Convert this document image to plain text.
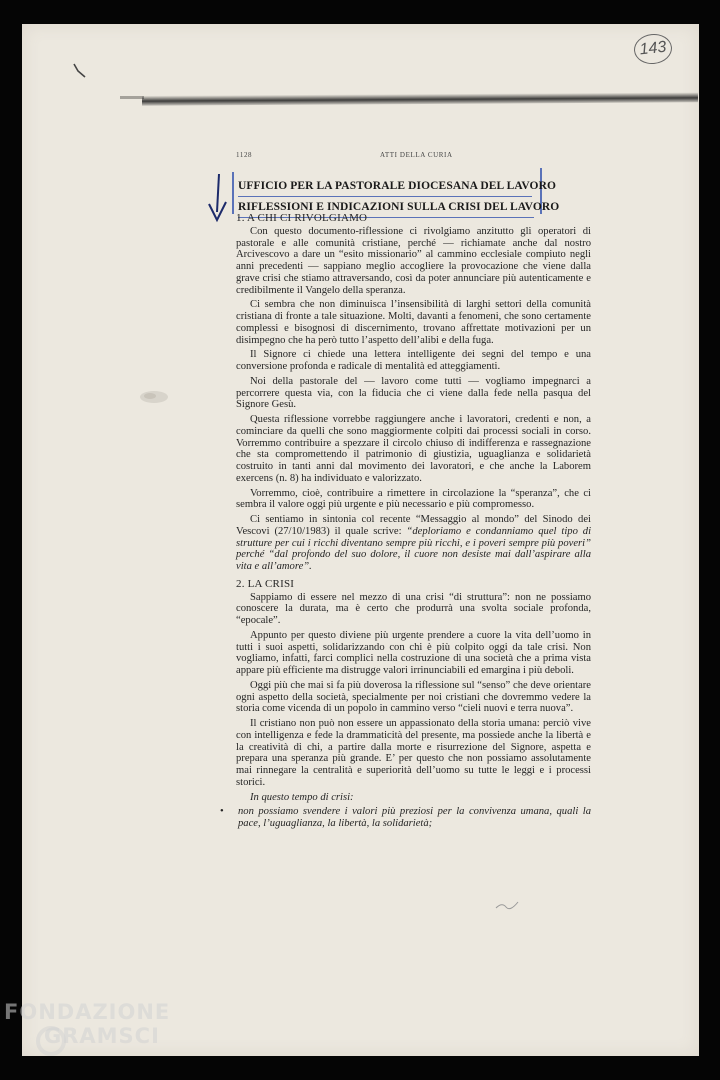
143
1128	ATTI DELLA CURIA
UFFICIO PER LA PASTORALE DIOCESANA DEL LAVORO
RIFLESSIONI E INDICAZIONI SULLA CRISI DEL LAVORO
1. A CHI CI RIVOLGIAMO

Con questo documento-riflessione ci rivolgiamo anzitutto gli operatori di pastorale e alle comunità cristiane, perché — richiamate anche dal nostro Arcivescovo a dare un “esito missionario” al cammino ecclesiale compiuto negli anni precedenti — sappiano meglio accogliere la provocazione che viene dalla grave crisi che stiamo attraversando, così da poter annunciare più autenticamente e credibilmente il Vangelo della speranza.

Ci sembra che non diminuisca l’insensibilità di larghi settori della comunità cristiana di fronte a tale situazione. Molti, davanti a fenomeni, che sono certamente complessi e bisognosi di discernimento, trovano affrettate motivazioni per un disimpegno che ha però tutto l’aspetto dell’alibi e della fuga.

Il Signore ci chiede una lettera intelligente dei segni del tempo e una conversione profonda e radicale di mentalità ed atteggiamenti.

Noi della pastorale del — lavoro come tutti — vogliamo impegnarci a percorrere questa via, con la fiducia che ci viene dalla fede nella pasqua del Signore Gesù.

Questa riflessione vorrebbe raggiungere anche i lavoratori, credenti e non, a cominciare da quelli che sono maggiormente colpiti dai processi sociali in corso. Vorremmo contribuire a spezzare il circolo chiuso di indifferenza e rassegnazione che sta compromettendo il patrimonio di giustizia, uguaglianza e solidarietà costruito in tanti anni dal movimento dei lavoratori, e che anche la Laborem exercens (n. 8) ha individuato e valorizzato.

Vorremmo, cioè, contribuire a rimettere in circolazione la “speranza”, che ci sembra il valore oggi più urgente e più necessario e più compromesso.

Ci sentiamo in sintonia col recente “Messaggio al mondo” del Sinodo dei Vescovi (27/10/1983) il quale scrive: “deploriamo e condanniamo quel tipo di strutture per cui i ricchi diventano sempre più ricchi, e i poveri sempre più poveri” perché “dal profondo del suo dolore, il cuore non desiste mai dall’aspirare alla vita e all’amore”.

2. LA CRISI

Sappiamo di essere nel mezzo di una crisi “di struttura”: non ne possiamo conoscere la durata, ma è certo che produrrà una svolta sociale profonda, “epocale”.

Appunto per questo diviene più urgente prendere a cuore la vita dell’uomo in tutti i suoi aspetti, solidarizzando con chi è più colpito oggi da tale crisi. Non vogliamo, infatti, farci complici nella costruzione di una società che a prima vista appare più efficiente ma distrugge valori irrinunciabili ed emargina i più deboli.

Oggi più che mai si fa più doverosa la riflessione sul “senso” che deve orientare ogni aspetto della società, specialmente per noi cristiani che dovremmo vedere la storia come vicenda di un popolo in cammino verso “cieli nuovi e terra nuova”.

Il cristiano non può non essere un appassionato della storia umana: perciò vive con intelligenza e fede la drammaticità del presente, ma possiede anche la libertà e la creatività di chi, a partire dalla morte e risurrezione del Signore, aspetta e prepara una speranza più grande. E’ per questo che non possiamo assolutamente mai rinnegare la centralità e superiorità dell’uomo su tutte le leggi e i processi storici.

In questo tempo di crisi:

•	non possiamo svendere i valori più preziosi per la convivenza umana, quali la pace, l’uguaglianza, la libertà, la solidarietà;
FONDAZIONE
GRAMSCI
